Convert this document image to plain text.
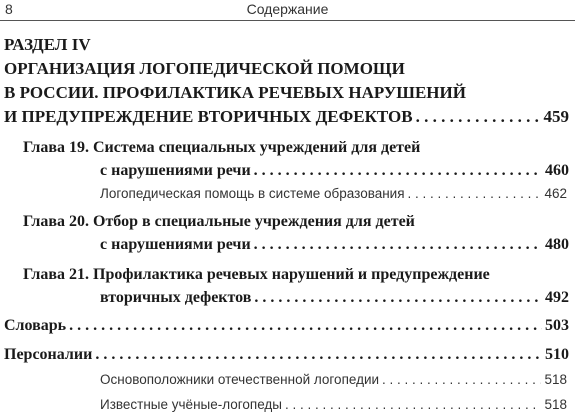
8	Содержание
РАЗДЕЛ IV
ОРГАНИЗАЦИЯ ЛОГОПЕДИЧЕСКОЙ ПОМОЩИ
В РОССИИ. ПРОФИЛАКТИКА РЕЧЕВЫХ НАРУШЕНИЙ
И ПРЕДУПРЕЖДЕНИЕ ВТОРИЧНЫХ ДЕФЕКТОВ . . .	459
Глава 19. Система специальных учреждений для детей
с нарушениями речи . . .	460
Логопедическая помощь в системе образования . . .	462
Глава 20. Отбор в специальные учреждения для детей
с нарушениями речи . . .	480
Глава 21. Профилактика речевых нарушений и предупреждение
вторичных дефектов . . .	492
Словарь . . .	503
Персоналии . . .	510
Основоположники отечественной логопедии . . .	518
Известные учёные-логопеды . . .	518
